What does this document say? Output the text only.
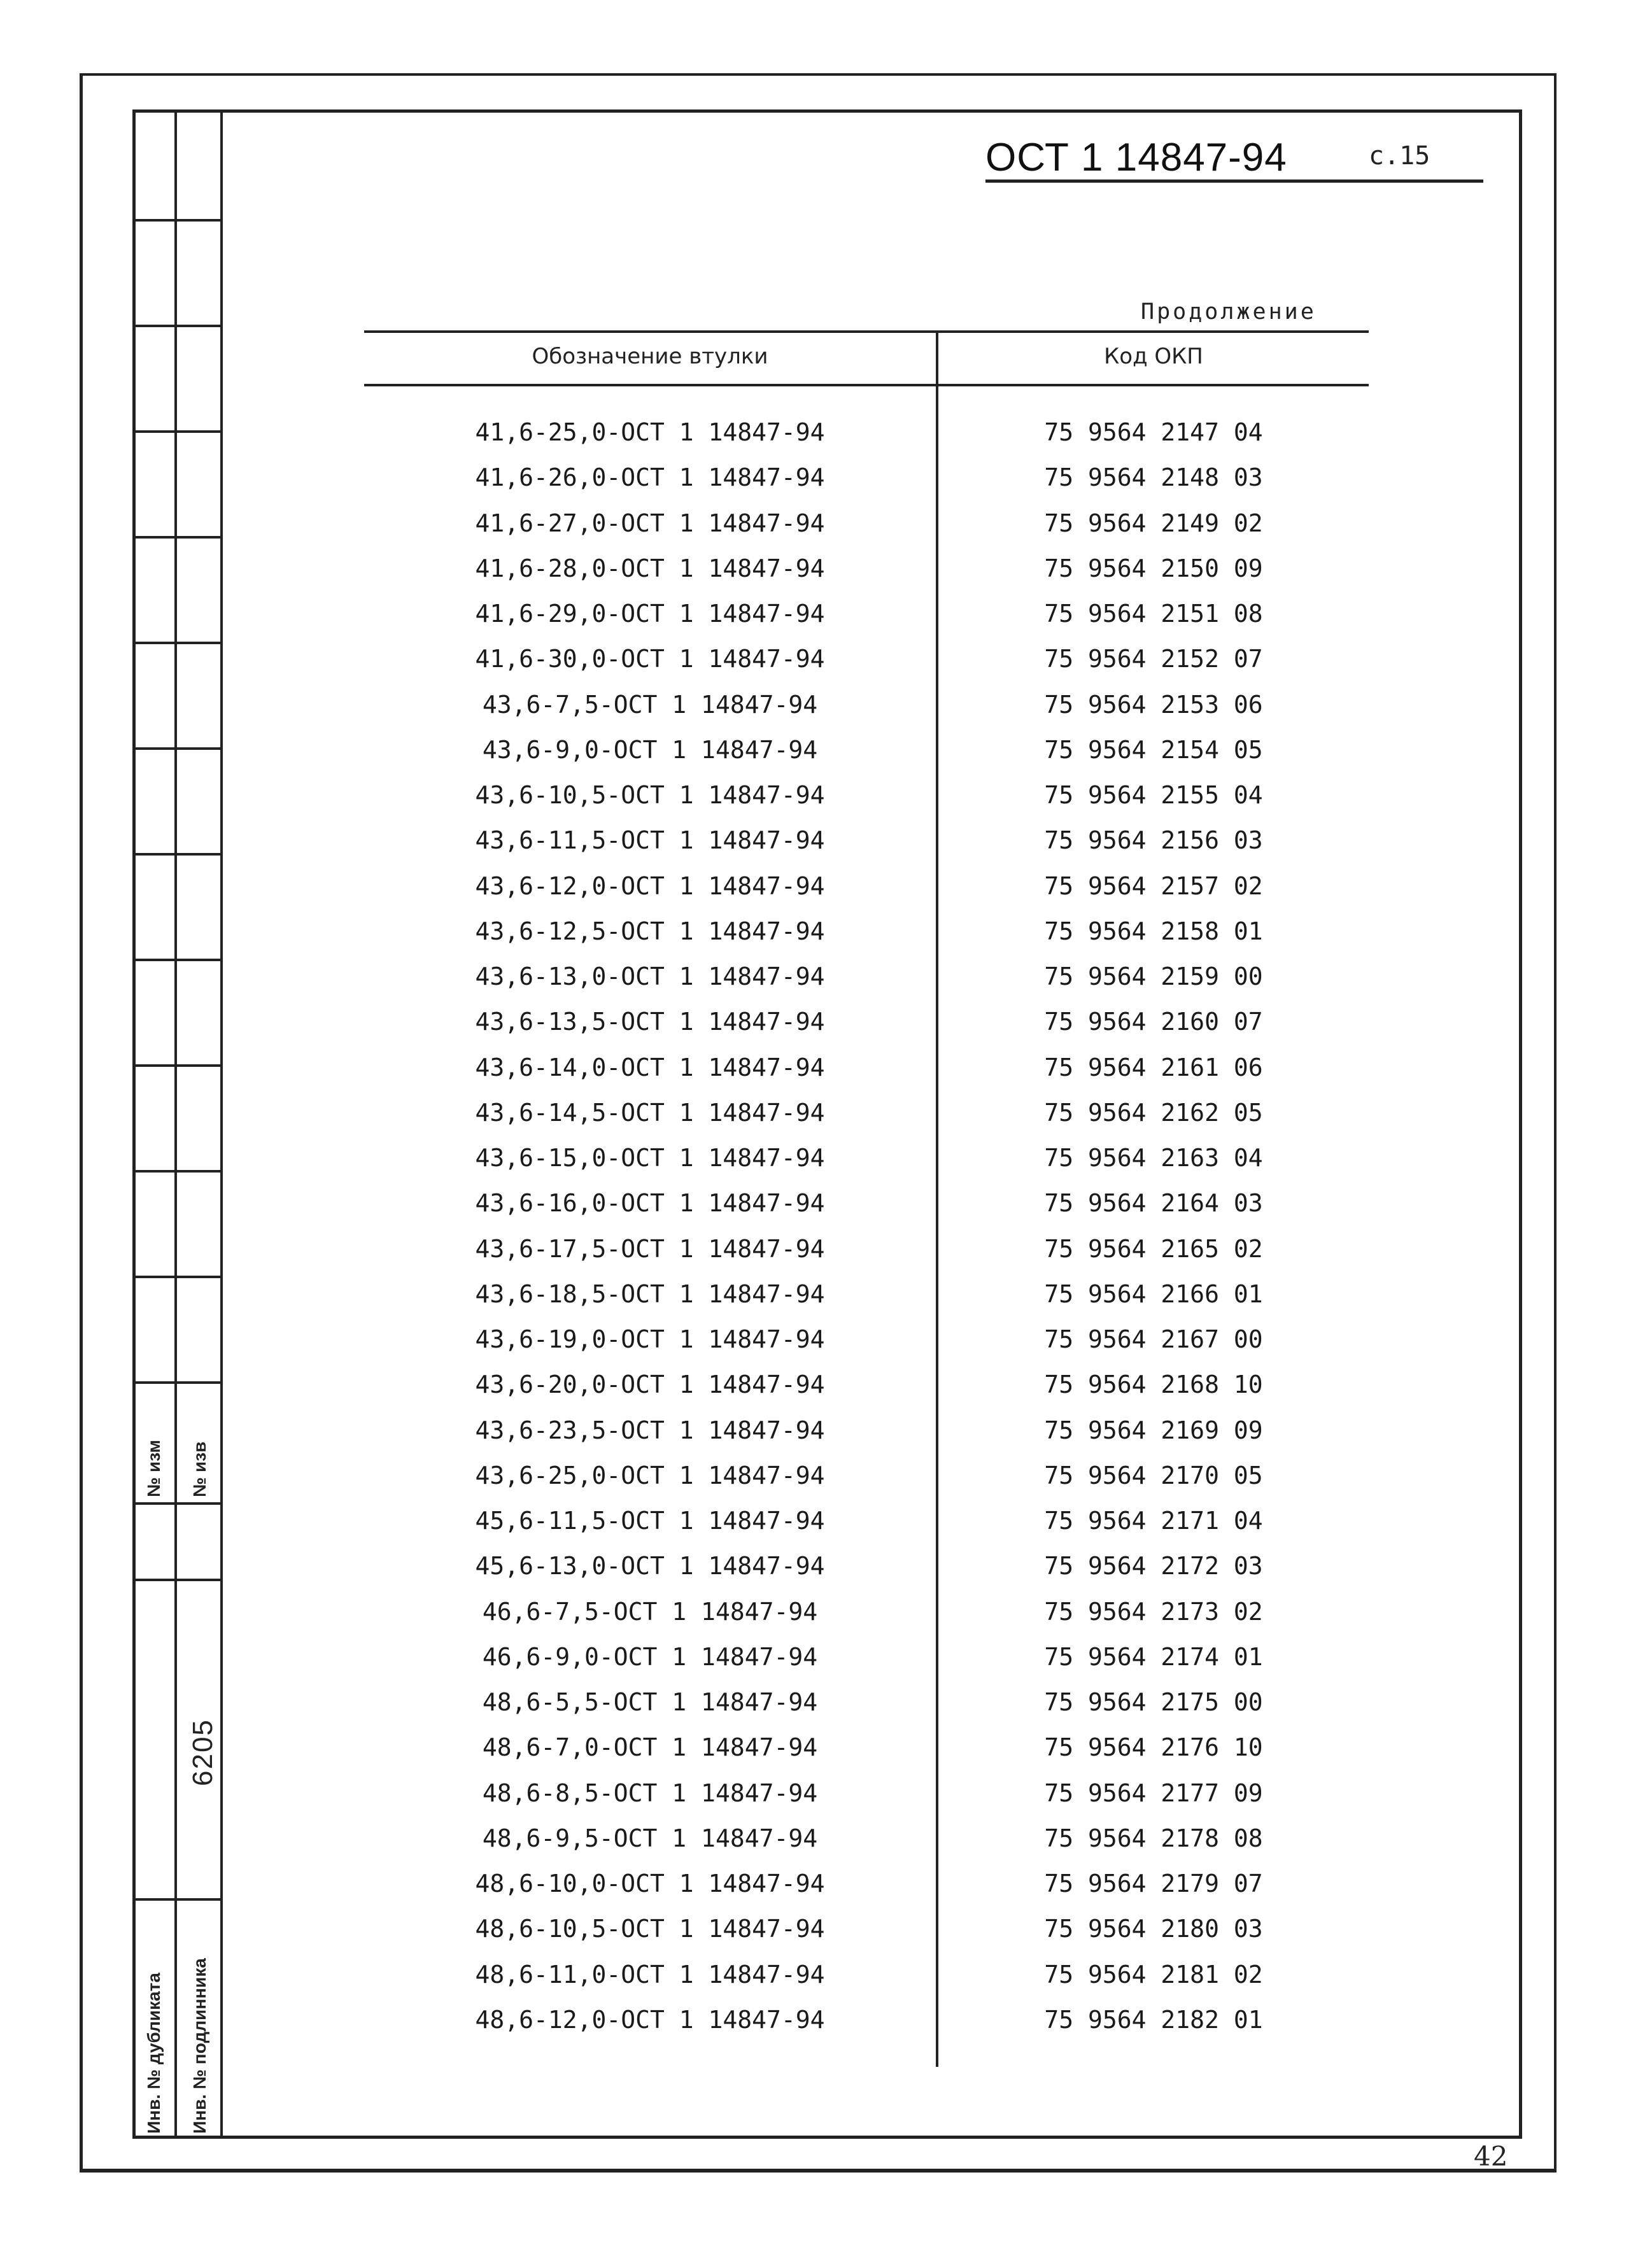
№ изм № изв
Инв. № дубликата Инв. № подлинника
6205
ОСТ 1 14847-94	с.15
Продолжение
Обозначение втулки	Код ОКП
41,6-25,0-ОСТ 1 14847-94	75 9564 2147 04
41,6-26,0-ОСТ 1 14847-94	75 9564 2148 03
41,6-27,0-ОСТ 1 14847-94	75 9564 2149 02
41,6-28,0-ОСТ 1 14847-94	75 9564 2150 09
41,6-29,0-ОСТ 1 14847-94	75 9564 2151 08
41,6-30,0-ОСТ 1 14847-94	75 9564 2152 07
43,6-7,5-ОСТ 1 14847-94	75 9564 2153 06
43,6-9,0-ОСТ 1 14847-94	75 9564 2154 05
43,6-10,5-ОСТ 1 14847-94	75 9564 2155 04
43,6-11,5-ОСТ 1 14847-94	75 9564 2156 03
43,6-12,0-ОСТ 1 14847-94	75 9564 2157 02
43,6-12,5-ОСТ 1 14847-94	75 9564 2158 01
43,6-13,0-ОСТ 1 14847-94	75 9564 2159 00
43,6-13,5-ОСТ 1 14847-94	75 9564 2160 07
43,6-14,0-ОСТ 1 14847-94	75 9564 2161 06
43,6-14,5-ОСТ 1 14847-94	75 9564 2162 05
43,6-15,0-ОСТ 1 14847-94	75 9564 2163 04
43,6-16,0-ОСТ 1 14847-94	75 9564 2164 03
43,6-17,5-ОСТ 1 14847-94	75 9564 2165 02
43,6-18,5-ОСТ 1 14847-94	75 9564 2166 01
43,6-19,0-ОСТ 1 14847-94	75 9564 2167 00
43,6-20,0-ОСТ 1 14847-94	75 9564 2168 10
43,6-23,5-ОСТ 1 14847-94	75 9564 2169 09
43,6-25,0-ОСТ 1 14847-94	75 9564 2170 05
45,6-11,5-ОСТ 1 14847-94	75 9564 2171 04
45,6-13,0-ОСТ 1 14847-94	75 9564 2172 03
46,6-7,5-ОСТ 1 14847-94	75 9564 2173 02
46,6-9,0-ОСТ 1 14847-94	75 9564 2174 01
48,6-5,5-ОСТ 1 14847-94	75 9564 2175 00
48,6-7,0-ОСТ 1 14847-94	75 9564 2176 10
48,6-8,5-ОСТ 1 14847-94	75 9564 2177 09
48,6-9,5-ОСТ 1 14847-94	75 9564 2178 08
48,6-10,0-ОСТ 1 14847-94	75 9564 2179 07
48,6-10,5-ОСТ 1 14847-94	75 9564 2180 03
48,6-11,0-ОСТ 1 14847-94	75 9564 2181 02
48,6-12,0-ОСТ 1 14847-94	75 9564 2182 01
42
